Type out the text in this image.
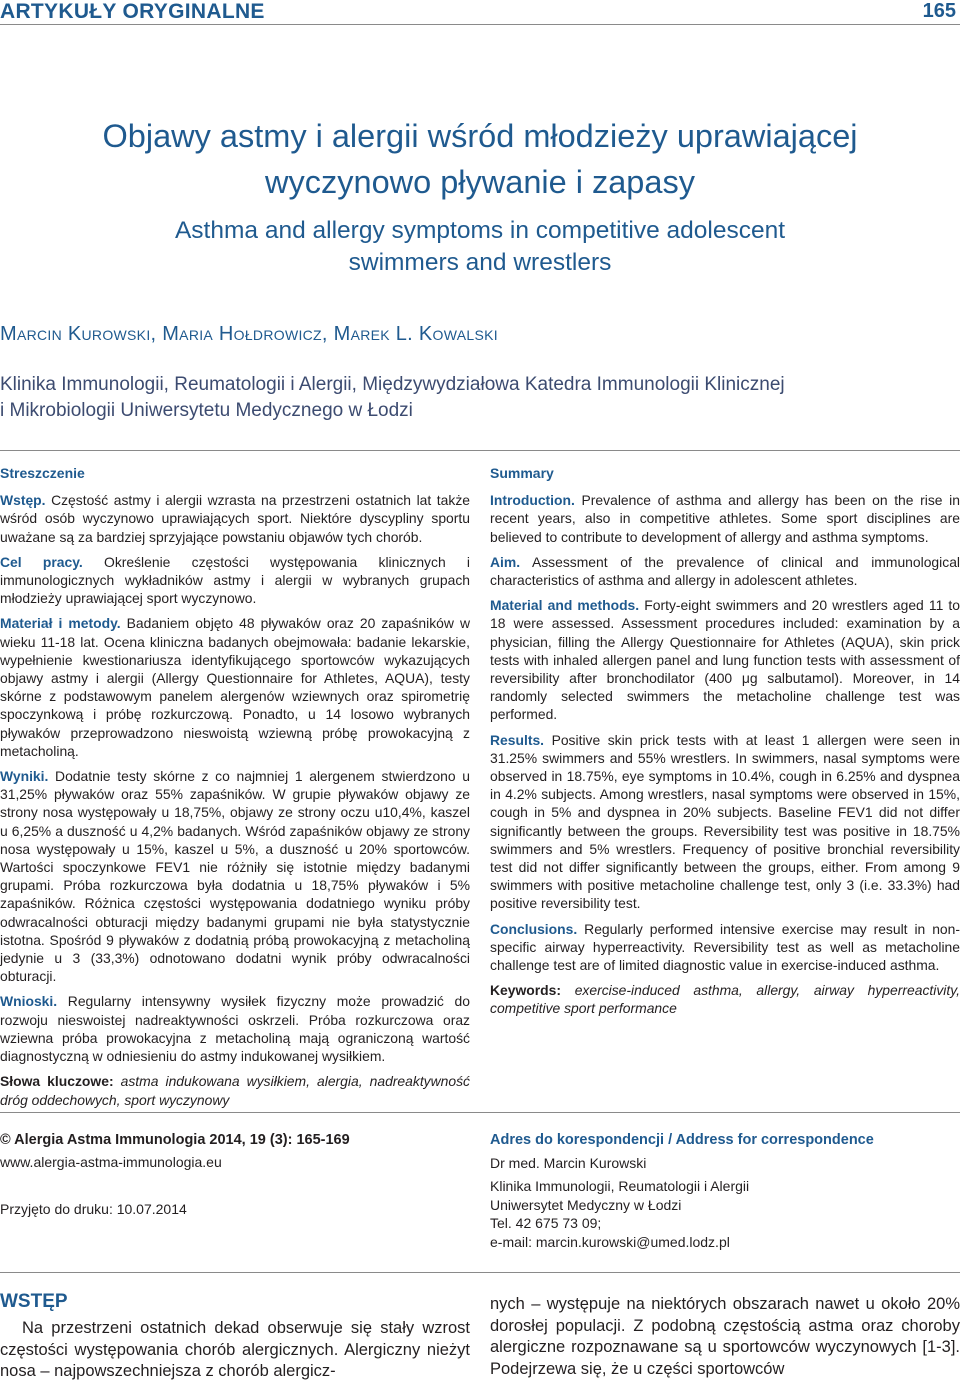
ARTYKUŁY ORYGINALNE	165
Objawy astmy i alergii wśród młodzieży uprawiającej
wyczynowo pływanie i zapasy
Asthma and allergy symptoms in competitive adolescent
swimmers and wrestlers
Marcin Kurowski, Maria Hołdrowicz, Marek L. Kowalski
Klinika Immunologii, Reumatologii i Alergii, Międzywydziałowa Katedra Immunologii Klinicznej
i Mikrobiologii Uniwersytetu Medycznego w Łodzi
Streszczenie

Wstęp. Częstość astmy i alergii wzrasta na przestrzeni ostatnich lat także wśród osób wyczynowo uprawiających sport. Niektóre dyscypliny sportu uważane są za bardziej sprzyjające powstaniu objawów tych chorób.

Cel pracy. Określenie częstości występowania klinicznych i immunologicznych wykładników astmy i alergii w wybranych grupach młodzieży uprawiającej sport wyczynowo.

Materiał i metody. Badaniem objęto 48 pływaków oraz 20 zapaśników w wieku 11-18 lat. Ocena kliniczna badanych obejmowała: badanie lekarskie, wypełnienie kwestionariusza identyfikującego sportowców wykazujących objawy astmy i alergii (Allergy Questionnaire for Athletes, AQUA), testy skórne z podstawowym panelem alergenów wziewnych oraz spirometrię spoczynkową i próbę rozkurczową. Ponadto, u 14 losowo wybranych pływaków przeprowadzono nieswoistą wziewną próbę prowokacyjną z metacholiną.

Wyniki. Dodatnie testy skórne z co najmniej 1 alergenem stwierdzono u 31,25% pływaków oraz 55% zapaśników. W grupie pływaków objawy ze strony nosa występowały u 18,75%, objawy ze strony oczu u10,4%, kaszel u 6,25% a duszność u 4,2% badanych. Wśród zapaśników objawy ze strony nosa występowały u 15%, kaszel u 5%, a duszność u 20% sportowców. Wartości spoczynkowe FEV1 nie różniły się istotnie między badanymi grupami. Próba rozkurczowa była dodatnia u 18,75% pływaków i 5% zapaśników. Różnica częstości występowania dodatniego wyniku próby odwracalności obturacji między badanymi grupami nie była statystycznie istotna. Spośród 9 pływaków z dodatnią próbą prowokacyjną z metacholiną jedynie u 3 (33,3%) odnotowano dodatni wynik próby odwracalności obturacji.

Wnioski. Regularny intensywny wysiłek fizyczny może prowadzić do rozwoju nieswoistej nadreaktywności oskrzeli. Próba rozkurczowa oraz wziewna próba prowokacyjna z metacholiną mają ograniczoną wartość diagnostyczną w odniesieniu do astmy indukowanej wysiłkiem.

Słowa kluczowe: astma indukowana wysiłkiem, alergia, nadreaktywność dróg oddechowych, sport wyczynowy

Summary

Introduction. Prevalence of asthma and allergy has been on the rise in recent years, also in competitive athletes. Some sport disciplines are believed to contribute to development of allergy and asthma symptoms.

Aim. Assessment of the prevalence of clinical and immunological characteristics of asthma and allergy in adolescent athletes.

Material and methods. Forty-eight swimmers and 20 wrestlers aged 11 to 18 were assessed. Assessment procedures included: examination by a physician, filling the Allergy Questionnaire for Athletes (AQUA), skin prick tests with inhaled allergen panel and lung function tests with assessment of reversibility after bronchodilator (400 μg salbutamol). Moreover, in 14 randomly selected swimmers the metacholine challenge test was performed.

Results. Positive skin prick tests with at least 1 allergen were seen in 31.25% swimmers and 55% wrestlers. In swimmers, nasal symptoms were observed in 18.75%, eye symptoms in 10.4%, cough in 6.25% and dyspnea in 4.2% subjects. Among wrestlers, nasal symptoms were observed in 15%, cough in 5% and dyspnea in 20% subjects. Baseline FEV1 did not differ significantly between the groups. Reversibility test was positive in 18.75% swimmers and 5% wrestlers. Frequency of positive bronchial reversibility test did not differ significantly between the groups, either. From among 9 swimmers with positive metacholine challenge test, only 3 (i.e. 33.3%) had positive reversibility test.

Conclusions. Regularly performed intensive exercise may result in non-specific airway hyperreactivity. Reversibility test as well as metacholine challenge test are of limited diagnostic value in exercise-induced asthma.

Keywords: exercise-induced asthma, allergy, airway hyperreactivity, competitive sport performance

© Alergia Astma Immunologia 2014, 19 (3): 165-169
www.alergia-astma-immunologia.eu
Przyjęto do druku: 10.07.2014
Adres do korespondencji / Address for correspondence
Dr med. Marcin Kurowski
Klinika Immunologii, Reumatologii i Alergii
Uniwersytet Medyczny w Łodzi
Tel. 42 675 73 09;
e-mail: marcin.kurowski@umed.lodz.pl
WSTĘP
Na przestrzeni ostatnich dekad obserwuje się stały wzrost częstości występowania chorób alergicznych. Alergiczny nieżyt nosa – najpowszechniejsza z chorób alergicz-
nych – występuje na niektórych obszarach nawet u około 20% dorosłej populacji. Z podobną częstością astma oraz choroby alergiczne rozpoznawane są u sportowców wyczynowych [1-3]. Podejrzewa się, że u części sportowców
